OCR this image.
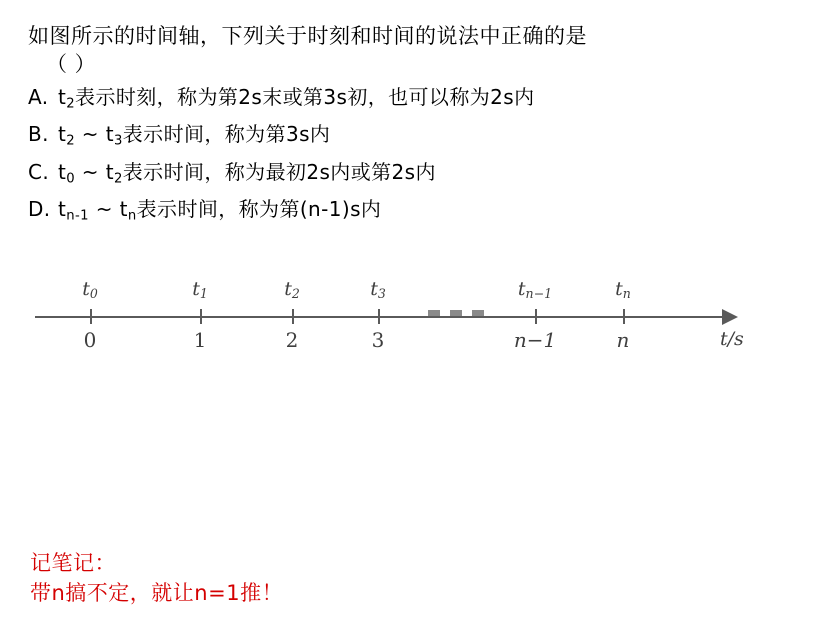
如图所示的时间轴，下列关于时刻和时间的说法中正确的是
（ ）
A. $t_2$表示时刻，称为第2s末或第3s初，也可以称为2s内
B. $t_2$ ~ $t_3$表示时间，称为第3s内
C. $t_0$ ~ $t_2$表示时间，称为最初2s内或第2s内
D. $t_{n-1}$ ~ $t_n$表示时间，称为第(n-1)s内
t/s
$t_0$
0
$t_1$
1
$t_2$
2
$t_3$
3
$t_{n-1}$
n−1
$t_n$
n
记笔记：
带n搞不定，就让n=1推！
